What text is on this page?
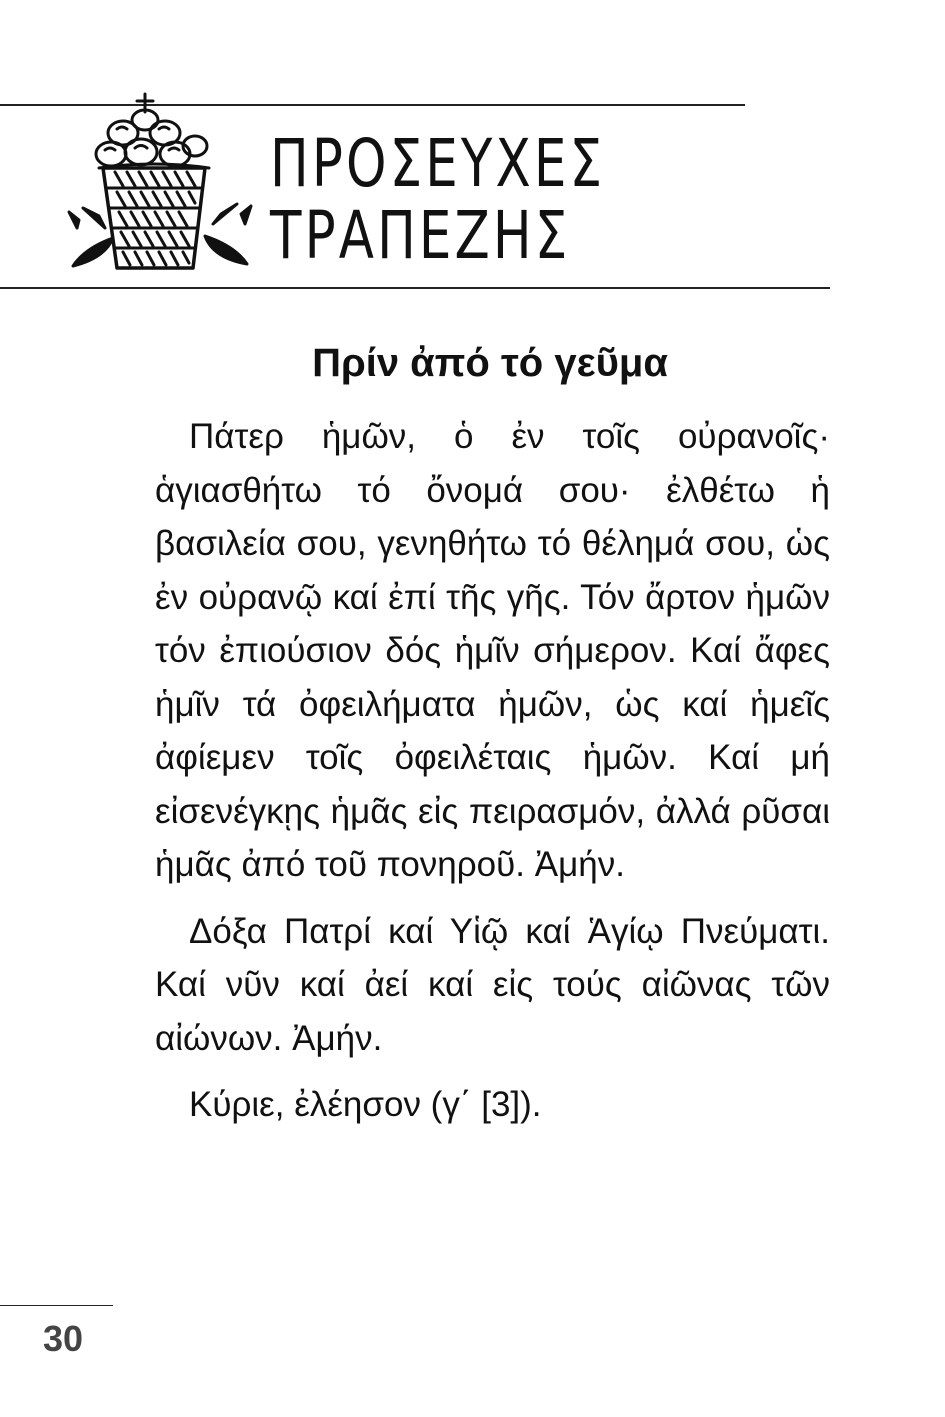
ΠΡΟΣΕΥΧΕΣ
ΤΡΑΠΕΖΗΣ
Πρίν ἀπό τό γεῦμα

Πάτερ ἡμῶν, ὁ ἐν τοῖς οὐρανοῖς· ἁγιασθήτω τό ὄνομά σου· ἐλθέτω ἡ βασιλεία σου, γενηθήτω τό θέλημά σου, ὡς ἐν οὐρανῷ καί ἐπί τῆς γῆς. Τόν ἄρτον ἡμῶν τόν ἐπιούσιον δός ἡμῖν σήμερον. Καί ἄφες ἡμῖν τά ὀφειλήματα ἡμῶν, ὡς καί ἡμεῖς ἀφίεμεν τοῖς ὀφειλέταις ἡμῶν. Καί μή εἰσενέγκῃς ἡμᾶς εἰς πειρασμόν, ἀλλά ρῦσαι ἡμᾶς ἀπό τοῦ πονηροῦ. Ἀμήν.

Δόξα Πατρί καί Υἱῷ καί Ἁγίῳ Πνεύματι. Καί νῦν καί ἀεί καί εἰς τούς αἰῶνας τῶν αἰώνων. Ἀμήν.

Κύριε, ἐλέησον (γ΄ [3]).

30
